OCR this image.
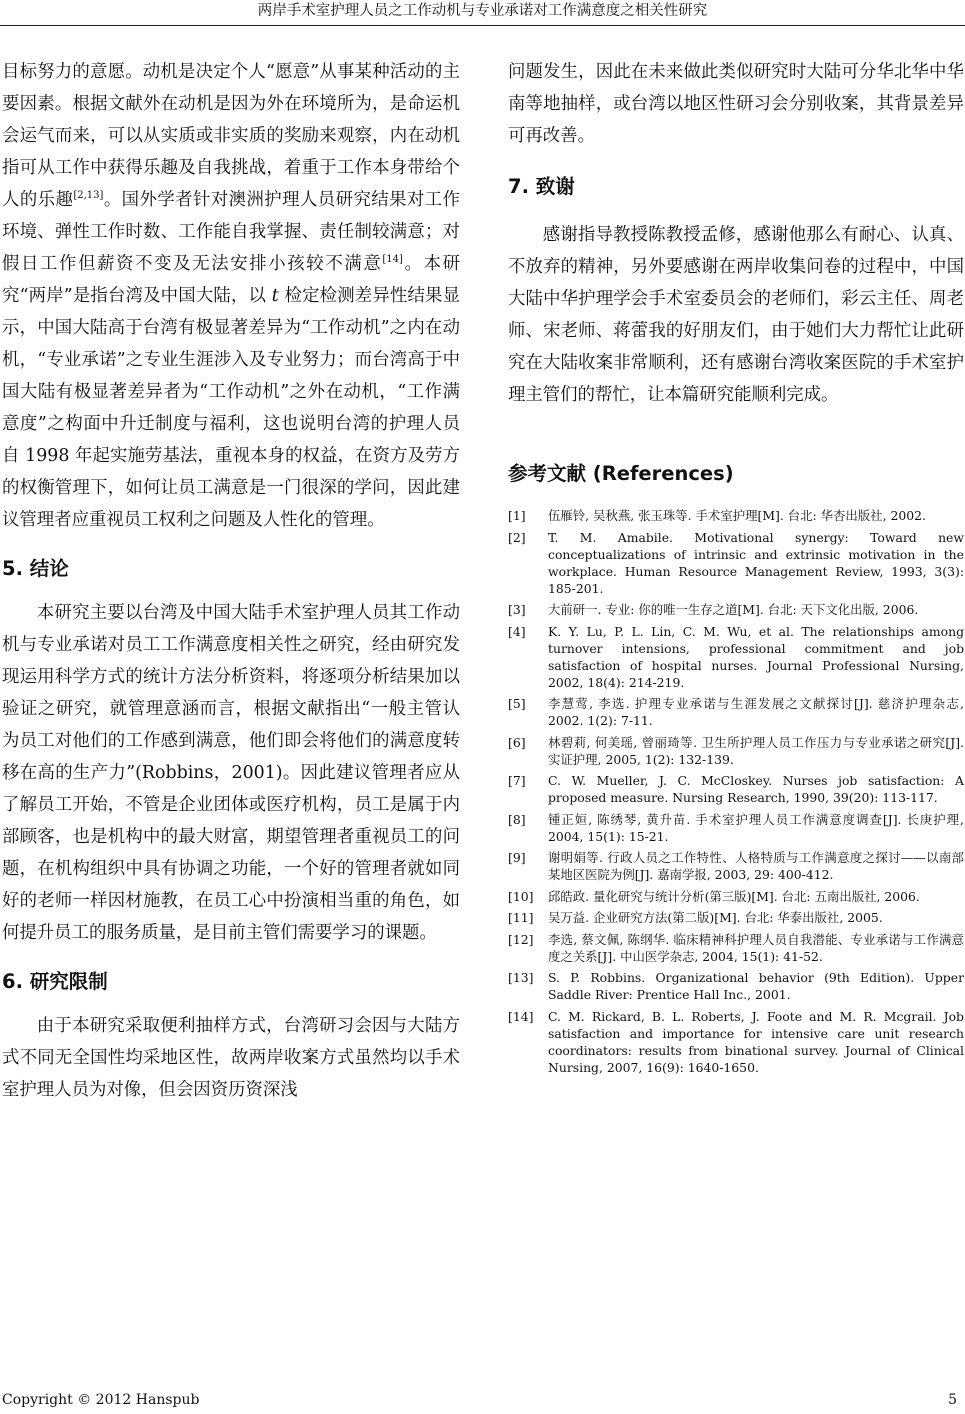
两岸手术室护理人员之工作动机与专业承诺对工作满意度之相关性研究

目标努力的意愿。动机是决定个人“愿意”从事某种活动的主要因素。根据文献外在动机是因为外在环境所为，是命运机会运气而来，可以从实质或非实质的奖励来观察，内在动机指可从工作中获得乐趣及自我挑战，着重于工作本身带给个人的乐趣[2,13]。国外学者针对澳洲护理人员研究结果对工作环境、弹性工作时数、工作能自我掌握、责任制较满意；对假日工作但薪资不变及无法安排小孩较不满意[14]。本研究“两岸”是指台湾及中国大陆，以 t 检定检测差异性结果显示，中国大陆高于台湾有极显著差异为“工作动机”之内在动机，“专业承诺”之专业生涯涉入及专业努力；而台湾高于中国大陆有极显著差异者为“工作动机”之外在动机，“工作满意度”之构面中升迁制度与福利，这也说明台湾的护理人员自 1998 年起实施劳基法，重视本身的权益，在资方及劳方的权衡管理下，如何让员工满意是一门很深的学问，因此建议管理者应重视员工权利之问题及人性化的管理。

5. 结论

本研究主要以台湾及中国大陆手术室护理人员其工作动机与专业承诺对员工工作满意度相关性之研究，经由研究发现运用科学方式的统计方法分析资料，将逐项分析结果加以验证之研究，就管理意涵而言，根据文献指出“一般主管认为员工对他们的工作感到满意，他们即会将他们的满意度转移在高的生产力”(Robbins，2001)。因此建议管理者应从了解员工开始，不管是企业团体或医疗机构，员工是属于内部顾客，也是机构中的最大财富，期望管理者重视员工的问题，在机构组织中具有协调之功能，一个好的管理者就如同好的老师一样因材施教，在员工心中扮演相当重的角色，如何提升员工的服务质量，是目前主管们需要学习的课题。

6. 研究限制

由于本研究采取便利抽样方式，台湾研习会因与大陆方式不同无全国性均采地区性，故两岸收案方式虽然均以手术室护理人员为对像，但会因资历资深浅

问题发生，因此在未来做此类似研究时大陆可分华北华中华南等地抽样，或台湾以地区性研习会分别收案，其背景差异可再改善。

7. 致谢

感谢指导教授陈教授孟修，感谢他那么有耐心、认真、不放弃的精神，另外要感谢在两岸收集问卷的过程中，中国大陆中华护理学会手术室委员会的老师们，彩云主任、周老师、宋老师、蒋蕾我的好朋友们，由于她们大力帮忙让此研究在大陆收案非常顺利，还有感谢台湾收案医院的手术室护理主管们的帮忙，让本篇研究能顺利完成。

参考文献 (References)
[1]	伍雁铃, 吴秋燕, 张玉珠等. 手术室护理[M]. 台北: 华杏出版社, 2002.
[2]	T. M. Amabile. Motivational synergy: Toward new conceptualizations of intrinsic and extrinsic motivation in the workplace. Human Resource Management Review, 1993, 3(3): 185-201.
[3]	大前研一. 专业: 你的唯一生存之道[M]. 台北: 天下文化出版, 2006.
[4]	K. Y. Lu, P. L. Lin, C. M. Wu, et al. The relationships among turnover intensions, professional commitment and job satisfaction of hospital nurses. Journal Professional Nursing, 2002, 18(4): 214-219.
[5]	李慧莺, 李选. 护理专业承诺与生涯发展之文献探讨[J]. 慈济护理杂志, 2002. 1(2): 7-11.
[6]	林碧莉, 何美瑶, 曾丽琦等. 卫生所护理人员工作压力与专业承诺之研究[J]. 实证护理, 2005, 1(2): 132-139.
[7]	C. W. Mueller, J. C. McCloskey. Nurses job satisfaction: A proposed measure. Nursing Research, 1990, 39(20): 113-117.
[8]	锺正姮, 陈绣琴, 黄升苗. 手术室护理人员工作满意度调查[J]. 长庚护理, 2004, 15(1): 15-21.
[9]	谢明娟等. 行政人员之工作特性、人格特质与工作满意度之探讨——以南部某地区医院为例[J]. 嘉南学报, 2003, 29: 400-412.
[10]	邱皓政. 量化研究与统计分析(第三版)[M]. 台北: 五南出版社, 2006.
[11]	吴万益. 企业研究方法(第二版)[M]. 台北: 华泰出版社, 2005.
[12]	李选, 蔡文佩, 陈纲华. 临床精神科护理人员自我潜能、专业承诺与工作满意度之关系[J]. 中山医学杂志, 2004, 15(1): 41-52.
[13]	S. P. Robbins. Organizational behavior (9th Edition). Upper Saddle River: Prentice Hall Inc., 2001.
[14]	C. M. Rickard, B. L. Roberts, J. Foote and M. R. Mcgrail. Job satisfaction and importance for intensive care unit research coordinators: results from binational survey. Journal of Clinical Nursing, 2007, 16(9): 1640-1650.
Copyright © 2012 Hanspub	5
